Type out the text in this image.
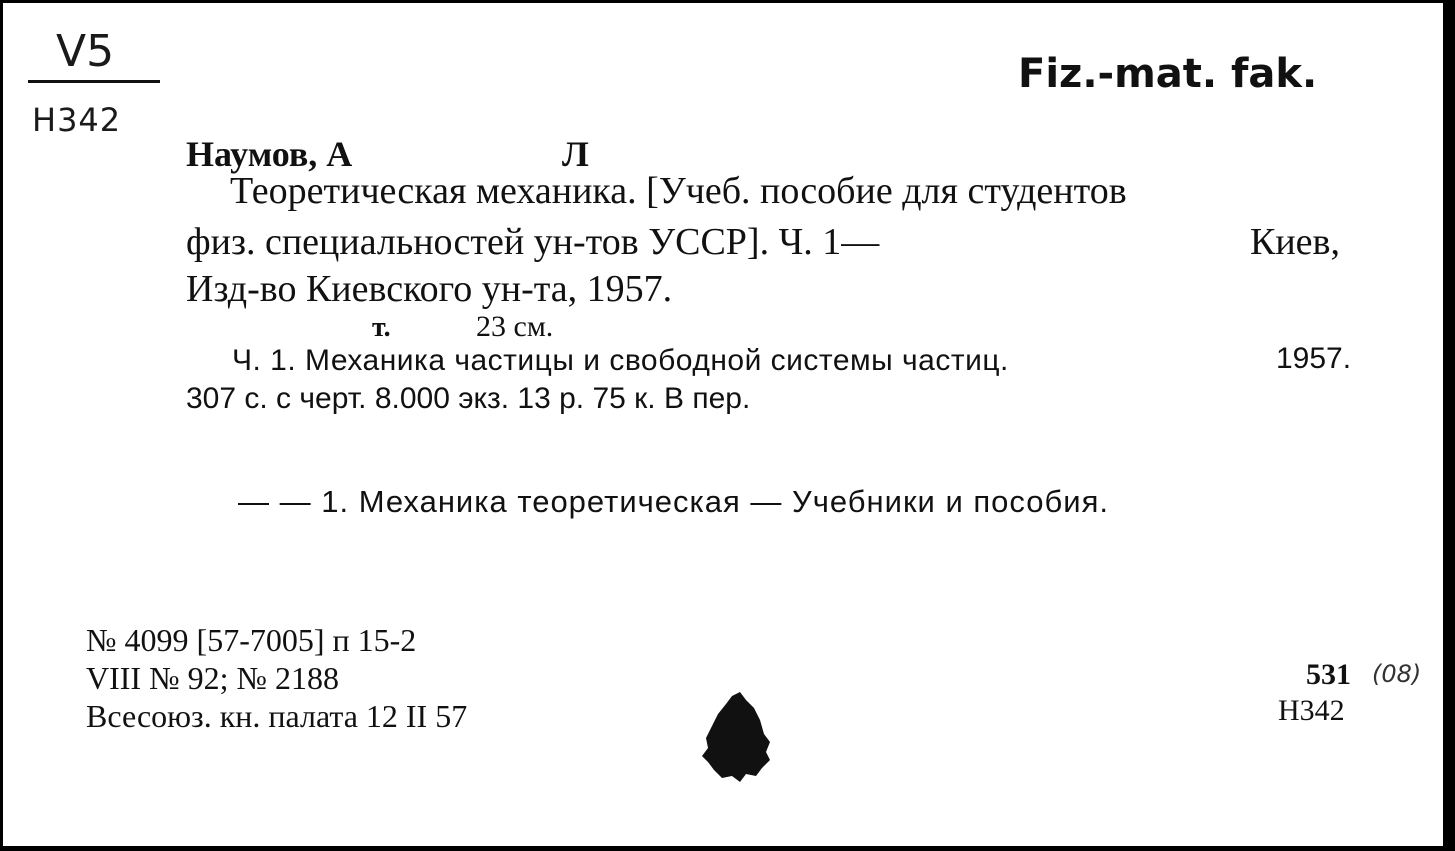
V5
H342
Fiz.-mat. fak.
Наумов, А	Л
Теоретическая механика. [Учеб. пособие для студентов
физ. специальностей ун-тов УССР]. Ч. 1—	Киев,
Изд-во Киевского ун-та, 1957.
т.	23 см.
Ч. 1. Механика частицы и свободной системы частиц.	1957.
307 с. с черт. 8.000 экз. 13 р. 75 к. В пер.
— — 1. Механика теоретическая — Учебники и пособия.
№ 4099 [57-7005] п 15-2
VIII № 92; № 2188
Всесоюз. кн. палата 12 II 57
531 (08)
Н342
